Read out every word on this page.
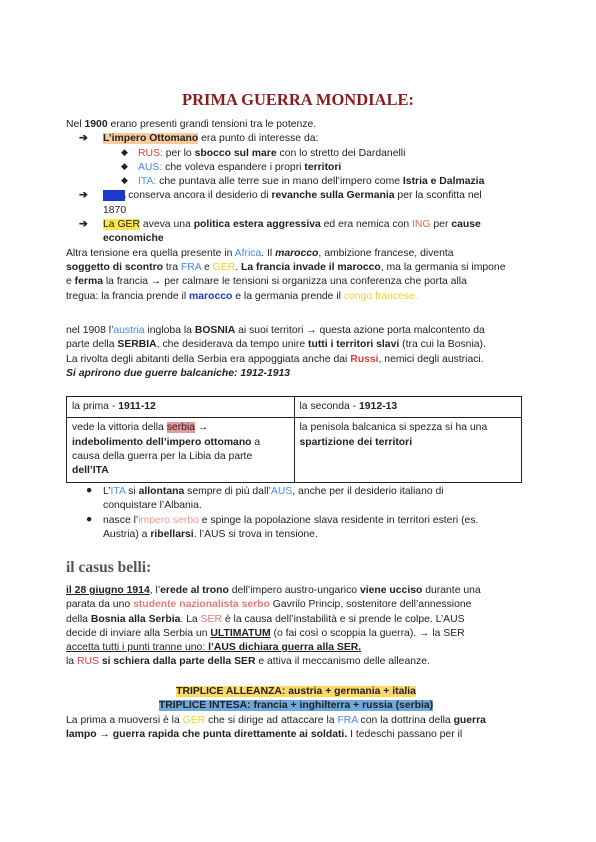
PRIMA GUERRA MONDIALE:

Nel 1900 erano presenti grandi tensioni tra le potenze.

➔ L’impero Ottomano era punto di interesse da:

◆ RUS: per lo sbocco sul mare con lo stretto dei Dardanelli

◆ AUS: che voleva espandere i propri territori

◆ ITA: che puntava alle terre sue in mano dell’impero come Istria e Dalmazia

➔ L’ITA conserva ancora il desiderio di revanche sulla Germania per la sconfitta nel
1870

➔ La GER aveva una politica estera aggressiva ed era nemica con ING per cause
economiche

Altra tensione era quella presente in Africa. Il marocco, ambizione francese, diventa
soggetto di scontro tra FRA e GER. La francia invade il marocco, ma la germania si impone
e ferma la francia → per calmare le tensioni si organizza una conferenza che porta alla
tregua: la francia prende il marocco e la germania prende il congo francese.

nel 1908 l’austria ingloba la BOSNIA ai suoi territori → questa azione porta malcontento da
parte della SERBIA, che desiderava da tempo unire tutti i territori slavi (tra cui la Bosnia).
La rivolta degli abitanti della Serbia era appoggiata anche dai Russi, nemici degli austriaci.
Si aprirono due guerre balcaniche: 1912-1913

la prima - 1911-12	la seconda - 1912-13
vede la vittoria della serbia →
indebolimento dell’impero ottomano a
causa della guerra per la Libia da parte
dell’ITA	la penisola balcanica si spezza si ha una
spartizione dei territori
● L’ITA si allontana sempre di più dall’AUS, anche per il desiderio italiano di
conquistare l’Albania.

● nasce l’impero serbo e spinge la popolazione slava residente in territori esteri (es.
Austria) a ribellarsi. l’AUS si trova in tensione.

il casus belli:

il 28 giugno 1914, l’erede al trono dell’impero austro-ungarico viene ucciso durante una
parata da uno studente nazionalista serbo Gavrilo Princip, sostenitore dell’annessione
della Bosnia alla Serbia. La SER è la causa dell’instabilità e si prende le colpe. L’AUS
decide di inviare alla Serbia un ULTIMATUM (o fai così o scoppia la guerra). → la SER
accetta tutti i punti tranne uno: l’AUS dichiara guerra alla SER.
la RUS si schiera dalla parte della SER e attiva il meccanismo delle alleanze.

TRIPLICE ALLEANZA: austria + germania + italia

TRIPLICE INTESA: francia + inghilterra + russia (serbia)

La prima a muoversi è la GER che si dirige ad attaccare la FRA con la dottrina della guerra
lampo → guerra rapida che punta direttamente ai soldati. I tedeschi passano per il
